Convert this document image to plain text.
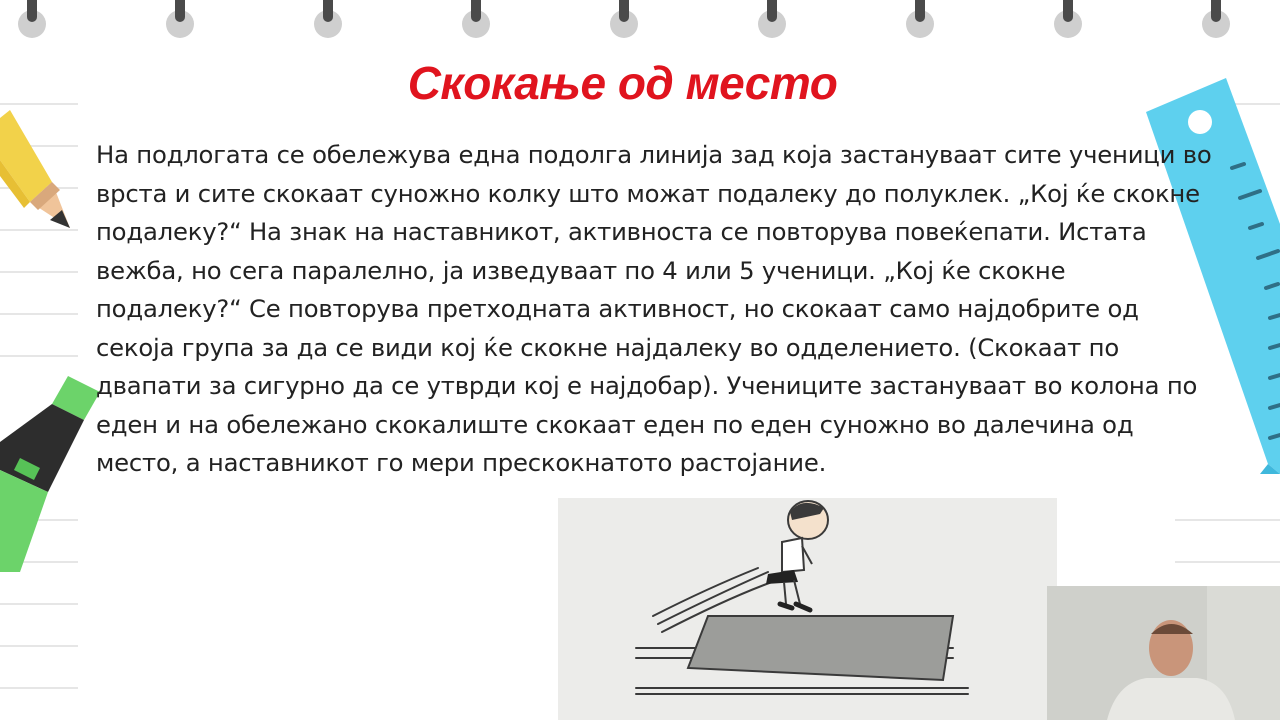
Скокање од место

На подлогата се обележува една подолга линија зад која застануваат сите ученици во врста и сите скокаат суножно колку што можат подалеку до полуклек. „Кој ќе скокне подалеку?“ На знак на наставникот, активноста се повторува повеќепати. Истата вежба, но сега паралелно, ја изведуваат по 4 или 5 ученици. „Кој ќе скокне подалеку?“ Се повторува претходната активност, но скокаат само најдобрите од секоја група за да се види кој ќе скокне најдалеку во одделението. (Скокаат по двапати за сигурно да се утврди кој е најдобар). Учениците застануваат во колона по еден и на обележано скокалиште скокаат еден по еден суножно во далечина од место, а наставникот го мери прескокнатото растојание.
